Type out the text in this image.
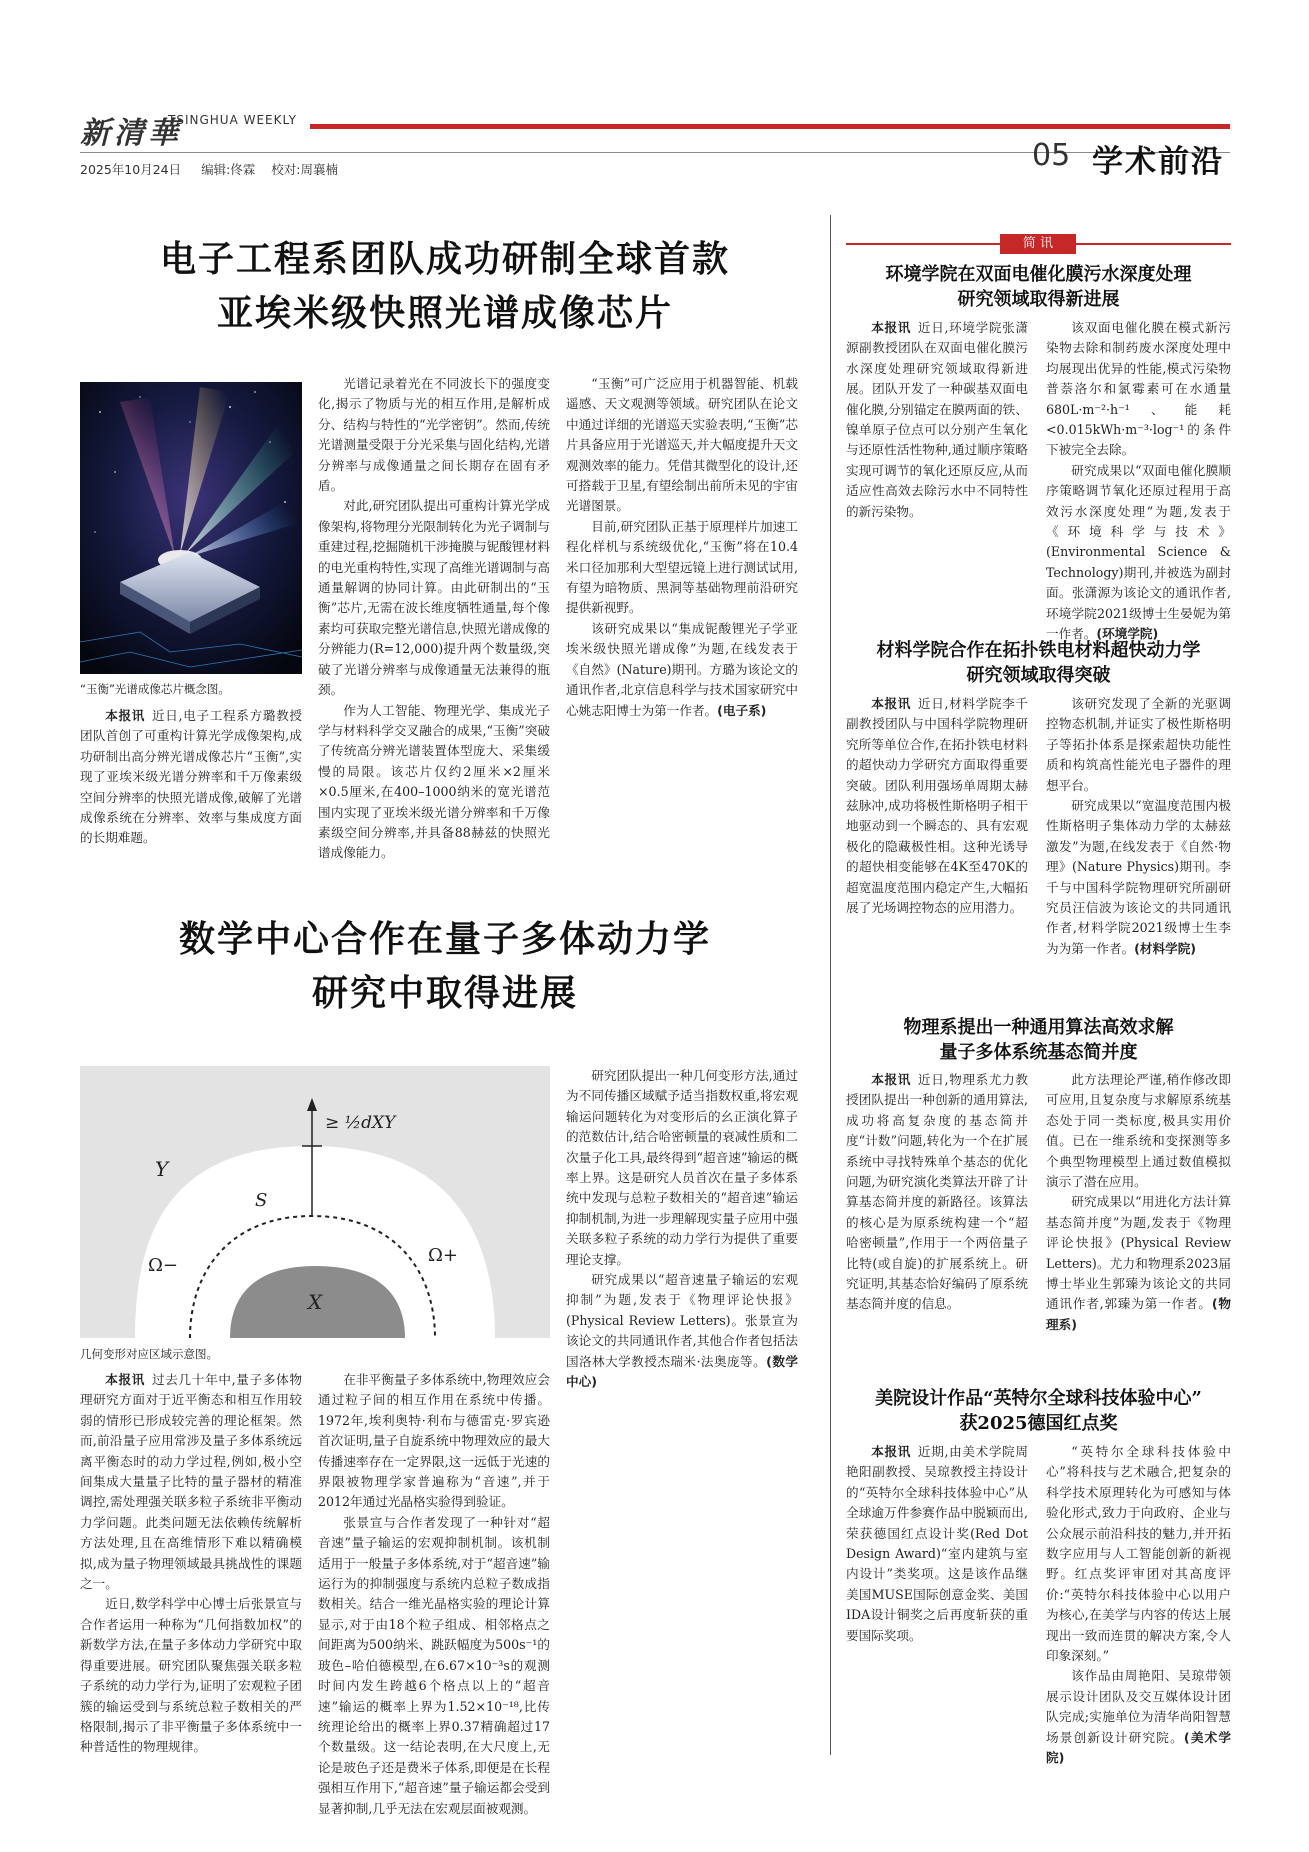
新清華
TSINGHUA WEEKLY
2025年10月24日 编辑:佟霖 校对:周襄楠	05 学术前沿
电子工程系团队成功研制全球首款
亚埃米级快照光谱成像芯片
“玉衡”光谱成像芯片概念图。

本报讯  近日,电子工程系方璐教授团队首创了可重构计算光学成像架构,成功研制出高分辨光谱成像芯片“玉衡”,实现了亚埃米级光谱分辨率和千万像素级空间分辨率的快照光谱成像,破解了光谱成像系统在分辨率、效率与集成度方面的长期难题。

光谱记录着光在不同波长下的强度变化,揭示了物质与光的相互作用,是解析成分、结构与特性的“光学密钥”。然而,传统光谱测量受限于分光采集与固化结构,光谱分辨率与成像通量之间长期存在固有矛盾。

对此,研究团队提出可重构计算光学成像架构,将物理分光限制转化为光子调制与重建过程,挖掘随机干涉掩膜与铌酸锂材料的电光重构特性,实现了高维光谱调制与高通量解调的协同计算。由此研制出的“玉衡”芯片,无需在波长维度牺牲通量,每个像素均可获取完整光谱信息,快照光谱成像的分辨能力(R=12,000)提升两个数量级,突破了光谱分辨率与成像通量无法兼得的瓶颈。

作为人工智能、物理光学、集成光子学与材料科学交叉融合的成果,“玉衡”突破了传统高分辨光谱装置体型庞大、采集缓慢的局限。该芯片仅约2厘米×2厘米×0.5厘米,在400–1000纳米的宽光谱范围内实现了亚埃米级光谱分辨率和千万像素级空间分辨率,并具备88赫兹的快照光谱成像能力。

“玉衡”可广泛应用于机器智能、机载遥感、天文观测等领域。研究团队在论文中通过详细的光谱巡天实验表明,“玉衡”芯片具备应用于光谱巡天,并大幅度提升天文观测效率的能力。凭借其微型化的设计,还可搭载于卫星,有望绘制出前所未见的宇宙光谱图景。

目前,研究团队正基于原理样片加速工程化样机与系统级优化,“玉衡”将在10.4米口径加那利大型望远镜上进行测试试用,有望为暗物质、黑洞等基础物理前沿研究提供新视野。

该研究成果以“集成铌酸锂光子学亚埃米级快照光谱成像”为题,在线发表于《自然》(Nature)期刊。方璐为该论文的通讯作者,北京信息科学与技术国家研究中心姚志阳博士为第一作者。(电子系)

数学中心合作在量子多体动力学
研究中取得进展
≥ ½dXY
Y
S
Ω−	Ω+
X
几何变形对应区域示意图。

本报讯  过去几十年中,量子多体物理研究方面对于近平衡态和相互作用较弱的情形已形成较完善的理论框架。然而,前沿量子应用常涉及量子多体系统远离平衡态时的动力学过程,例如,极小空间集成大量量子比特的量子器材的精准调控,需处理强关联多粒子系统非平衡动力学问题。此类问题无法依赖传统解析方法处理,且在高维情形下难以精确模拟,成为量子物理领域最具挑战性的课题之一。

近日,数学科学中心博士后张景宣与合作者运用一种称为“几何指数加权”的新数学方法,在量子多体动力学研究中取得重要进展。研究团队聚焦强关联多粒子系统的动力学行为,证明了宏观粒子团簇的输运受到与系统总粒子数相关的严格限制,揭示了非平衡量子多体系统中一种普适性的物理规律。

在非平衡量子多体系统中,物理效应会通过粒子间的相互作用在系统中传播。1972年,埃利奥特·利布与德雷克·罗宾逊首次证明,量子自旋系统中物理效应的最大传播速率存在一定界限,这一远低于光速的界限被物理学家普遍称为“音速”,并于2012年通过光晶格实验得到验证。

张景宣与合作者发现了一种针对“超音速”量子输运的宏观抑制机制。该机制适用于一般量子多体系统,对于“超音速”输运行为的抑制强度与系统内总粒子数成指数相关。结合一维光晶格实验的理论计算显示,对于由18个粒子组成、相邻格点之间距离为500纳米、跳跃幅度为500s⁻¹的玻色–哈伯德模型,在6.67×10⁻³s的观测时间内发生跨越6个格点以上的“超音速”输运的概率上界为1.52×10⁻¹⁸,比传统理论给出的概率上界0.37精确超过17个数量级。这一结论表明,在大尺度上,无论是玻色子还是费米子体系,即便是在长程强相互作用下,“超音速”量子输运都会受到显著抑制,几乎无法在宏观层面被观测。

研究团队提出一种几何变形方法,通过为不同传播区域赋予适当指数权重,将宏观输运问题转化为对变形后的幺正演化算子的范数估计,结合哈密顿量的衰减性质和二次量子化工具,最终得到“超音速”输运的概率上界。这是研究人员首次在量子多体系统中发现与总粒子数相关的“超音速”输运抑制机制,为进一步理解现实量子应用中强关联多粒子系统的动力学行为提供了重要理论支撑。

研究成果以“超音速量子输运的宏观抑制”为题,发表于《物理评论快报》(Physical Review Letters)。张景宣为该论文的共同通讯作者,其他合作者包括法国洛林大学教授杰瑞米·法奥庞等。(数学中心)

简 讯
环境学院在双面电催化膜污水深度处理
研究领域取得新进展

本报讯  近日,环境学院张潇源副教授团队在双面电催化膜污水深度处理研究领域取得新进展。团队开发了一种碳基双面电催化膜,分别锚定在膜两面的铁、镍单原子位点可以分别产生氧化与还原性活性物种,通过顺序策略实现可调节的氧化还原反应,从而适应性高效去除污水中不同特性的新污染物。

该双面电催化膜在模式新污染物去除和制药废水深度处理中均展现出优异的性能,模式污染物普萘洛尔和氯霉素可在水通量680L·m⁻²·h⁻¹、能耗<0.015kWh·m⁻³·log⁻¹的条件下被完全去除。

研究成果以“双面电催化膜顺序策略调节氧化还原过程用于高效污水深度处理”为题,发表于《环境科学与技术》(Environmental Science & Technology)期刊,并被选为副封面。张潇源为该论文的通讯作者,环境学院2021级博士生晏妮为第一作者。(环境学院)

材料学院合作在拓扑铁电材料超快动力学
研究领域取得突破

本报讯  近日,材料学院李千副教授团队与中国科学院物理研究所等单位合作,在拓扑铁电材料的超快动力学研究方面取得重要突破。团队利用强场单周期太赫兹脉冲,成功将极性斯格明子相干地驱动到一个瞬态的、具有宏观极化的隐藏极性相。这种光诱导的超快相变能够在4K至470K的超宽温度范围内稳定产生,大幅拓展了光场调控物态的应用潜力。

该研究发现了全新的光驱调控物态机制,并证实了极性斯格明子等拓扑体系是探索超快功能性质和构筑高性能光电子器件的理想平台。

研究成果以“宽温度范围内极性斯格明子集体动力学的太赫兹激发”为题,在线发表于《自然·物理》(Nature Physics)期刊。李千与中国科学院物理研究所副研究员汪信波为该论文的共同通讯作者,材料学院2021级博士生李为为第一作者。(材料学院)

物理系提出一种通用算法高效求解
量子多体系统基态简并度

本报讯  近日,物理系尤力教授团队提出一种创新的通用算法,成功将高复杂度的基态简并度“计数”问题,转化为一个在扩展系统中寻找特殊单个基态的优化问题,为研究演化类算法开辟了计算基态简并度的新路径。该算法的核心是为原系统构建一个“超哈密顿量”,作用于一个两倍量子比特(或自旋)的扩展系统上。研究证明,其基态恰好编码了原系统基态简并度的信息。

此方法理论严谨,稍作修改即可应用,且复杂度与求解原系统基态处于同一类标度,极具实用价值。已在一维系统和变探测等多个典型物理模型上通过数值模拟演示了潜在应用。

研究成果以“用进化方法计算基态简并度”为题,发表于《物理评论快报》(Physical Review Letters)。尤力和物理系2023届博士毕业生郭臻为该论文的共同通讯作者,郭臻为第一作者。(物理系)

美院设计作品“英特尔全球科技体验中心”
获2025德国红点奖

本报讯  近期,由美术学院周艳阳副教授、吴琼教授主持设计的“英特尔全球科技体验中心”从全球逾万件参赛作品中脱颖而出,荣获德国红点设计奖(Red Dot Design Award)“室内建筑与室内设计”类奖项。这是该作品继美国MUSE国际创意金奖、美国IDA设计铜奖之后再度斩获的重要国际奖项。

“英特尔全球科技体验中心”将科技与艺术融合,把复杂的科学技术原理转化为可感知与体验化形式,致力于向政府、企业与公众展示前沿科技的魅力,并开拓数字应用与人工智能创新的新视野。红点奖评审团对其高度评价:“英特尔科技体验中心以用户为核心,在美学与内容的传达上展现出一致而连贯的解决方案,令人印象深刻。”

该作品由周艳阳、吴琼带领展示设计团队及交互媒体设计团队完成;实施单位为清华尚阳智慧场景创新设计研究院。(美术学院)
